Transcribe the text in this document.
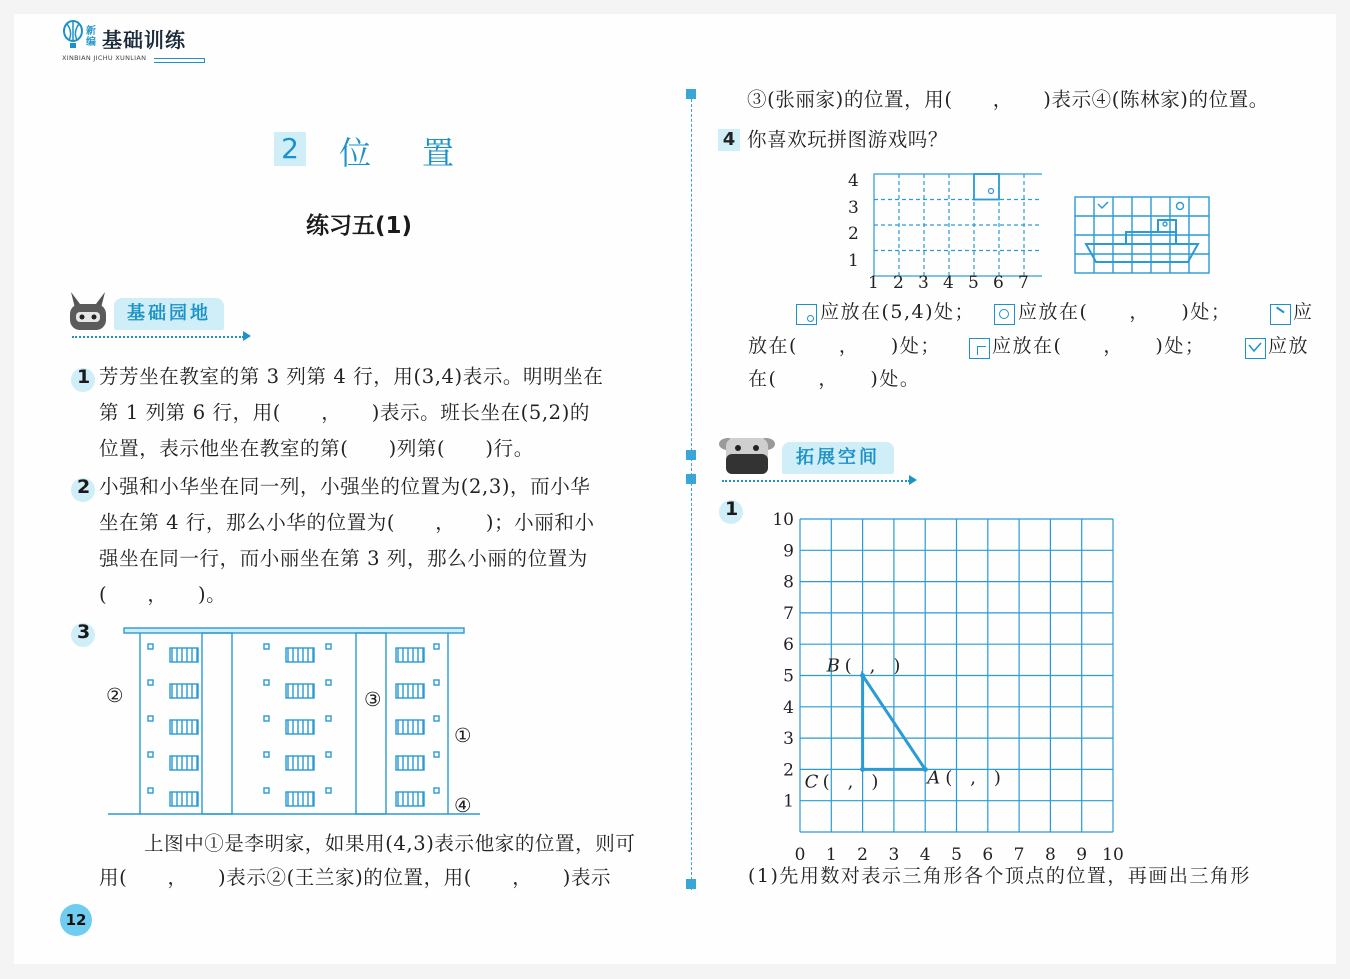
新编 基础训练
XINBIAN JICHU XUNLIAN
2 位 置
练习五(1)
基础园地
1 芳芳坐在教室的第 3 列第 4 行，用(3,4)表示。明明坐在
第 1 列第 6 行，用(　　，　　)表示。班长坐在(5,2)的
位置，表示他坐在教室的第(　　)列第(　　)行。
2 小强和小华坐在同一列，小强坐的位置为(2,3)，而小华
坐在第 4 行，那么小华的位置为(　　，　　)；小丽和小
强坐在同一行，而小丽坐在第 3 列，那么小丽的位置为
(　　，　　)。
3
②	③
①
④
上图中①是李明家，如果用(4,3)表示他家的位置，则可
用(　　，　　)表示②(王兰家)的位置，用(　　，　　)表示
12
③(张丽家)的位置，用(　　，　　)表示④(陈林家)的位置。
4 你喜欢玩拼图游戏吗？
4
3
2
1
1 2 3 4 5 6 7
应放在(5,4)处； 应放在(　　，　　)处；	应
放在(　　，　　)处；	应放在(　　，　　)处；	应放
在(　　，　　)处。
拓展空间
1
0 1
1
2
2
3
3
4
4
5
5
6
6
7
7
8
8
9
9
10
10
A (　,　)
B (　,　)
C (　,　)
(1)先用数对表示三角形各个顶点的位置，再画出三角形
